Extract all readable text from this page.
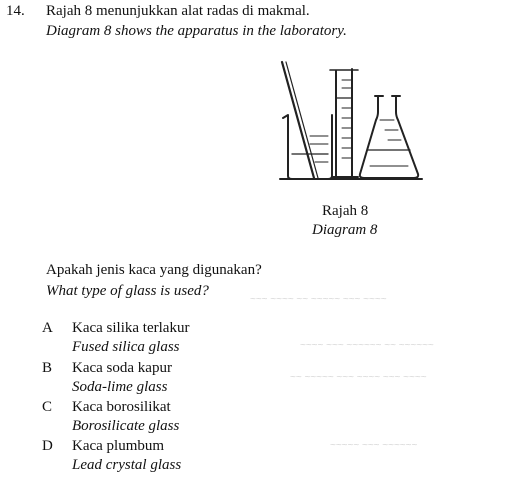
14. Rajah 8 menunjukkan alat radas di makmal.
Diagram 8 shows the apparatus in the laboratory.
~~~ ~~~~ ~~ ~~~~~ ~~~ ~~~~
~~~~ ~~~ ~~~~~~ ~~ ~~~~~~
~~ ~~~~~ ~~~ ~~~~ ~~~ ~~~~
~~~~~ ~~~ ~~~~~~
Rajah 8
Diagram 8
Apakah jenis kaca yang digunakan?
What type of glass is used?
A Kaca silika terlakur
Fused silica glass
B Kaca soda kapur
Soda-lime glass
C Kaca borosilikat
Borosilicate glass
D Kaca plumbum
Lead crystal glass
